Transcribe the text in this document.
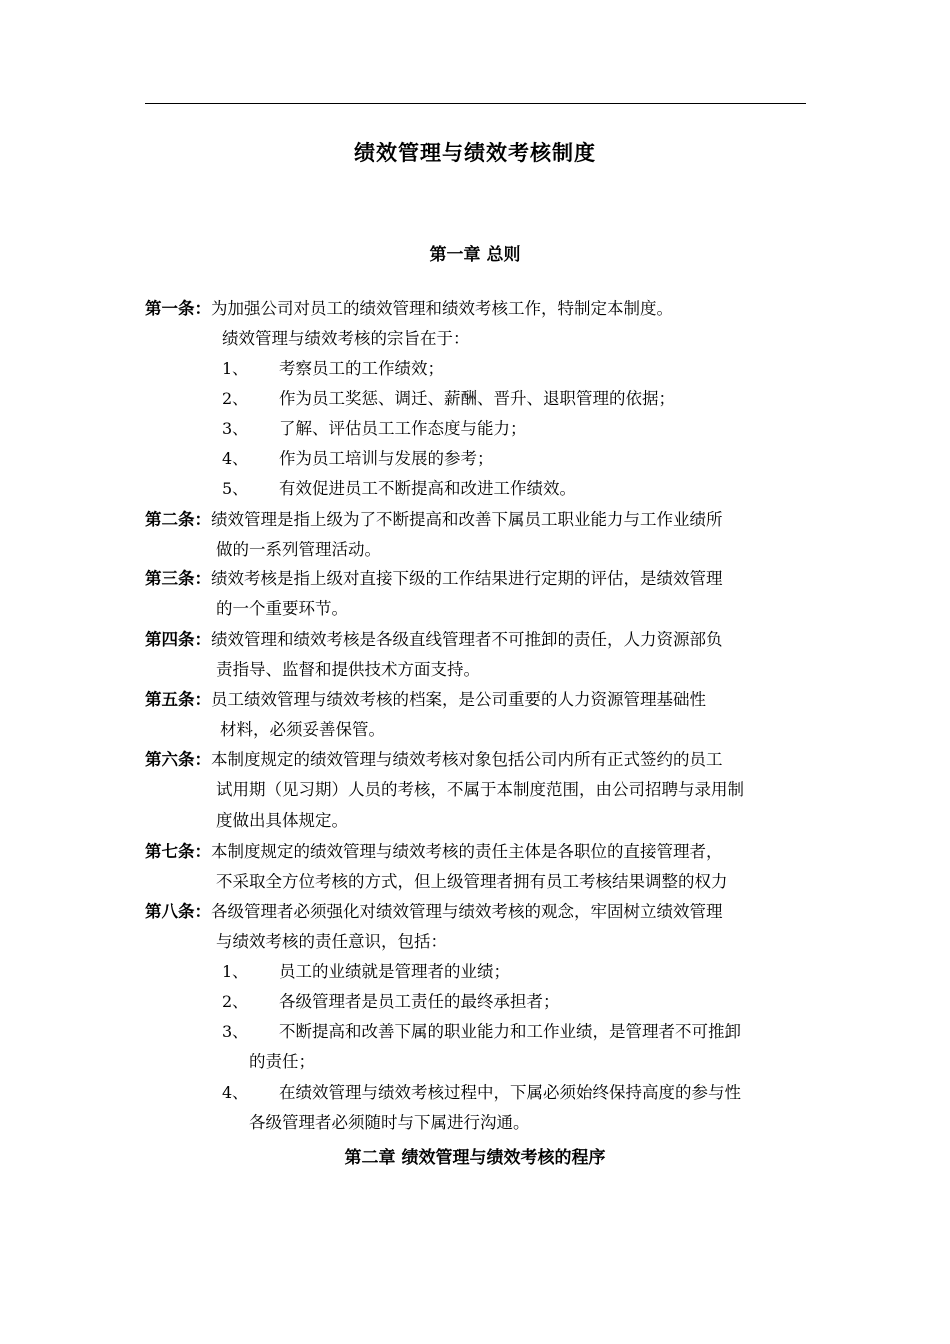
绩效管理与绩效考核制度
第一章 总则
第一条：为加强公司对员工的绩效管理和绩效考核工作，特制定本制度。
绩效管理与绩效考核的宗旨在于：
1、 考察员工的工作绩效；
2、 作为员工奖惩、调迁、薪酬、晋升、退职管理的依据；
3、 了解、评估员工工作态度与能力；
4、 作为员工培训与发展的参考；
5、 有效促进员工不断提高和改进工作绩效。
第二条：绩效管理是指上级为了不断提高和改善下属员工职业能力与工作业绩所
做的一系列管理活动。
第三条：绩效考核是指上级对直接下级的工作结果进行定期的评估，是绩效管理
的一个重要环节。
第四条：绩效管理和绩效考核是各级直线管理者不可推卸的责任，人力资源部负
责指导、监督和提供技术方面支持。
第五条：员工绩效管理与绩效考核的档案，是公司重要的人力资源管理基础性
材料，必须妥善保管。
第六条：本制度规定的绩效管理与绩效考核对象包括公司内所有正式签约的员工
试用期（见习期）人员的考核，不属于本制度范围，由公司招聘与录用制
度做出具体规定。
第七条：本制度规定的绩效管理与绩效考核的责任主体是各职位的直接管理者，
不采取全方位考核的方式，但上级管理者拥有员工考核结果调整的权力
第八条：各级管理者必须强化对绩效管理与绩效考核的观念，牢固树立绩效管理
与绩效考核的责任意识，包括：
1、 员工的业绩就是管理者的业绩；
2、 各级管理者是员工责任的最终承担者；
3、 不断提高和改善下属的职业能力和工作业绩，是管理者不可推卸
的责任；
4、 在绩效管理与绩效考核过程中，下属必须始终保持高度的参与性
各级管理者必须随时与下属进行沟通。
第二章 绩效管理与绩效考核的程序
